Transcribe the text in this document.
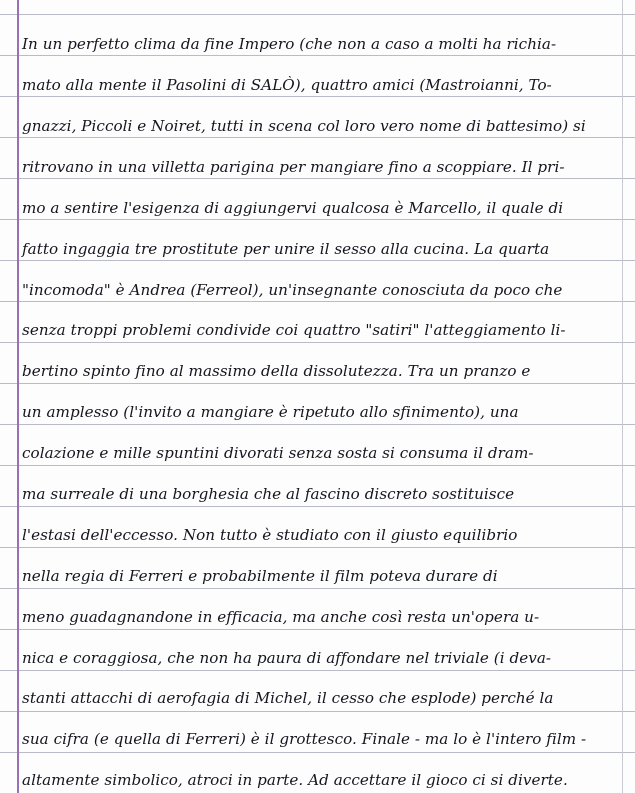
In un perfetto clima da fine Impero (che non a caso a molti ha richia-
mato alla mente il Pasolini di SALÒ), quattro amici (Mastroianni, To-
gnazzi, Piccoli e Noiret, tutti in scena col loro vero nome di battesimo) si
ritrovano in una villetta parigina per mangiare fino a scoppiare. Il pri-
mo a sentire l'esigenza di aggiungervi qualcosa è Marcello, il quale di
fatto ingaggia tre prostitute per unire il sesso alla cucina. La quarta
"incomoda" è Andrea (Ferreol), un'insegnante conosciuta da poco che
senza troppi problemi condivide coi quattro "satiri" l'atteggiamento li-
bertino spinto fino al massimo della dissolutezza. Tra un pranzo e
un amplesso (l'invito a mangiare è ripetuto allo sfinimento), una
colazione e mille spuntini divorati senza sosta si consuma il dram-
ma surreale di una borghesia che al fascino discreto sostituisce
l'estasi dell'eccesso. Non tutto è studiato con il giusto equilibrio
nella regia di Ferreri e probabilmente il film poteva durare di
meno guadagnandone in efficacia, ma anche così resta un'opera u-
nica e coraggiosa, che non ha paura di affondare nel triviale (i deva-
stanti attacchi di aerofagia di Michel, il cesso che esplode) perché la
sua cifra (e quella di Ferreri) è il grottesco. Finale - ma lo è l'intero film -
altamente simbolico, atroci in parte. Ad accettare il gioco ci si diverte.
